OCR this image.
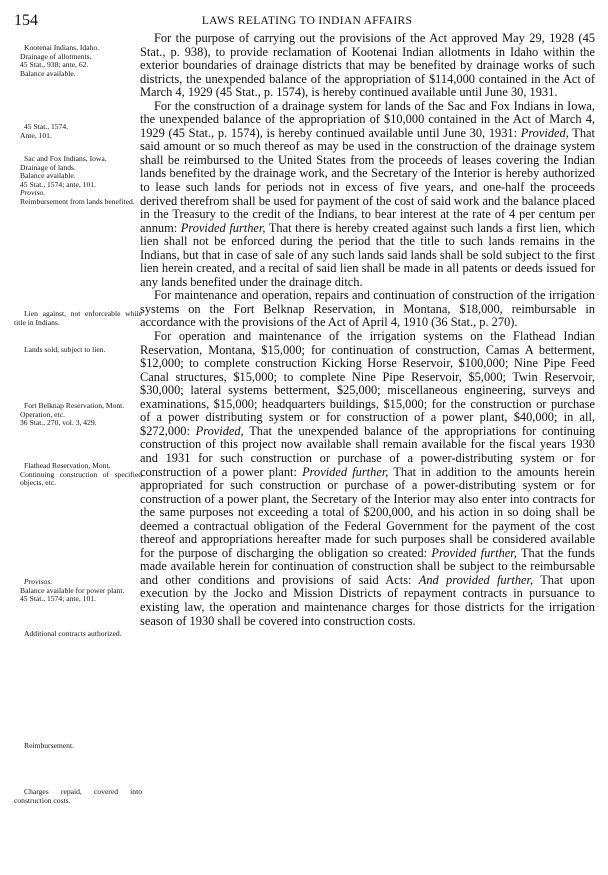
154	LAWS RELATING TO INDIAN AFFAIRS
Kootenai Indians, Idaho.
Drainage of allotments.
45 Stat., 938; ante, 62.
Balance available.
45 Stat., 1574.
Ante, 101.
Sac and Fox Indians, Iowa.
Drainage of lands.
Balance available.
45 Stat., 1574; ante, 101.
Proviso.
Reimbursement from lands benefited.
Lien against, not enforceable while title in Indians.
Lands sold, subject to lien.
Fort Belknap Reservation, Mont.
Operation, etc.
36 Stat., 270, vol. 3, 429.
Flathead Reservation, Mont.
Continuing construction of specified objects, etc.
Provisos.
Balance available for power plant.
45 Stat., 1574; ante, 101.
Additional contracts authorized.
Reimbursement.
Charges repaid, covered into construction costs.

For the purpose of carrying out the provisions of the Act approved May 29, 1928 (45 Stat., p. 938), to provide reclamation of Kootenai Indian allotments in Idaho within the exterior boundaries of drainage districts that may be benefited by drainage works of such districts, the unexpended balance of the appropriation of $114,000 contained in the Act of March 4, 1929 (45 Stat., p. 1574), is hereby continued available until June 30, 1931.

For the construction of a drainage system for lands of the Sac and Fox Indians in Iowa, the unexpended balance of the appropriation of $10,000 contained in the Act of March 4, 1929 (45 Stat., p. 1574), is hereby continued available until June 30, 1931: Provided, That said amount or so much thereof as may be used in the construction of the drainage system shall be reimbursed to the United States from the proceeds of leases covering the Indian lands benefited by the drainage work, and the Secretary of the Interior is hereby authorized to lease such lands for periods not in excess of five years, and one-half the proceeds derived therefrom shall be used for payment of the cost of said work and the balance placed in the Treasury to the credit of the Indians, to bear interest at the rate of 4 per centum per annum: Provided further, That there is hereby created against such lands a first lien, which lien shall not be enforced during the period that the title to such lands remains in the Indians, but that in case of sale of any such lands said lands shall be sold subject to the first lien herein created, and a recital of said lien shall be made in all patents or deeds issued for any lands benefited under the drainage ditch.

For maintenance and operation, repairs and continuation of construction of the irrigation systems on the Fort Belknap Reservation, in Montana, $18,000, reimbursable in accordance with the provisions of the Act of April 4, 1910 (36 Stat., p. 270).

For operation and maintenance of the irrigation systems on the Flathead Indian Reservation, Montana, $15,000; for continuation of construction, Camas A betterment, $12,000; to complete construction Kicking Horse Reservoir, $100,000; Nine Pipe Feed Canal structures, $15,000; to complete Nine Pipe Reservoir, $5,000; Twin Reservoir, $30,000; lateral systems betterment, $25,000; miscellaneous engineering, surveys and examinations, $15,000; headquarters buildings, $15,000; for the construction or purchase of a power distributing system or for construction of a power plant, $40,000; in all, $272,000: Provided, That the unexpended balance of the appropriations for continuing construction of this project now available shall remain available for the fiscal years 1930 and 1931 for such construction or purchase of a power-distributing system or for construction of a power plant: Provided further, That in addition to the amounts herein appropriated for such construction or purchase of a power-distributing system or for construction of a power plant, the Secretary of the Interior may also enter into contracts for the same purposes not exceeding a total of $200,000, and his action in so doing shall be deemed a contractual obligation of the Federal Government for the payment of the cost thereof and appropriations hereafter made for such purposes shall be considered available for the purpose of discharging the obligation so created: Provided further, That the funds made available herein for continuation of construction shall be subject to the reimbursable and other conditions and provisions of said Acts: And provided further, That upon execution by the Jocko and Mission Districts of repayment contracts in pursuance to existing law, the operation and maintenance charges for those districts for the irrigation season of 1930 shall be covered into construction costs.
